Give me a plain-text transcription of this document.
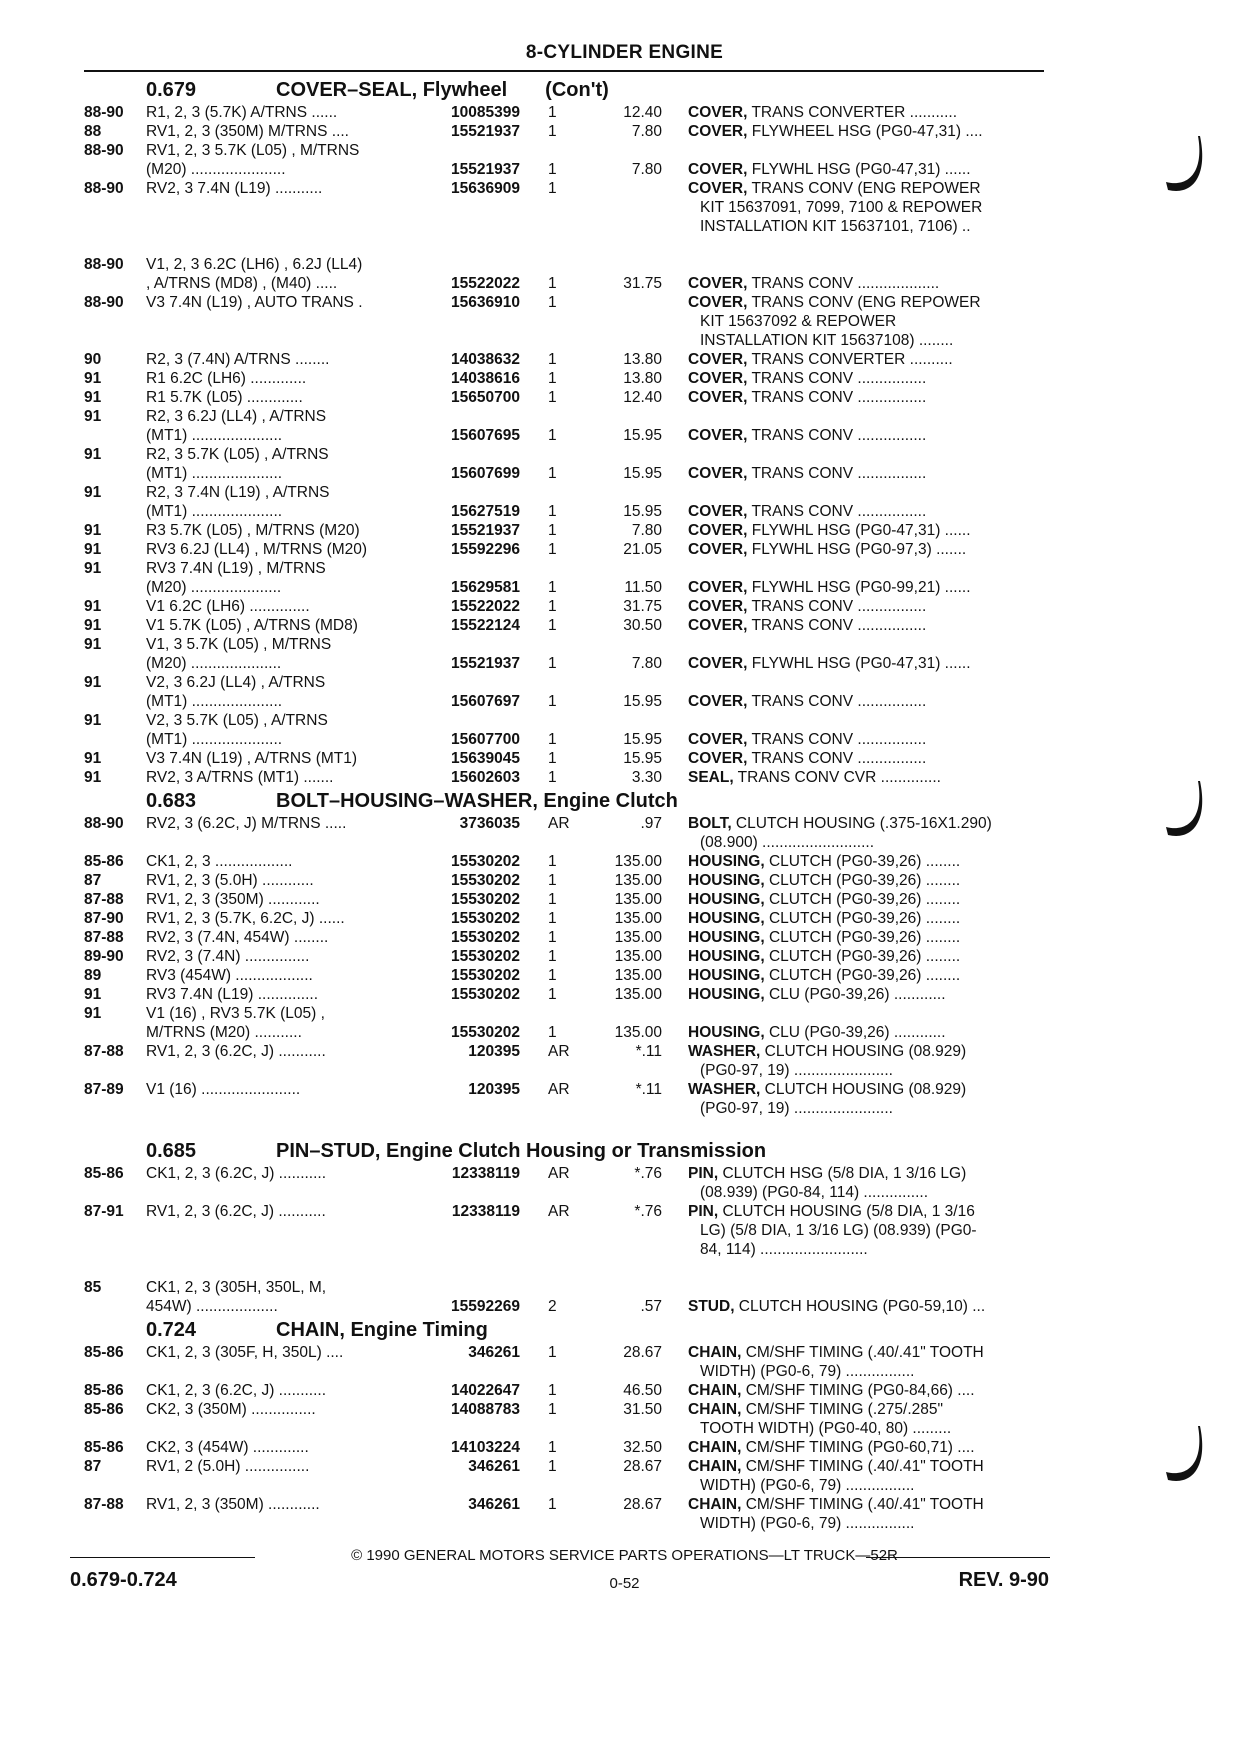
8-CYLINDER ENGINE
0.679	COVER–SEAL, Flywheel (Con't)
88-90	R1, 2, 3 (5.7K) A/TRNS ......	10085399	1	12.40	COVER, TRANS CONVERTER ...........
88	RV1, 2, 3 (350M) M/TRNS ....	15521937	1	7.80	COVER, FLYWHEEL HSG (PG0-47,31) ....
88-90	RV1, 2, 3 5.7K (L05) , M/TRNS
(M20) ......................	15521937	1	7.80	COVER, FLYWHL HSG (PG0-47,31) ......
88-90	RV2, 3 7.4N (L19) ...........	15636909	1	COVER, TRANS CONV (ENG REPOWER
KIT 15637091, 7099, 7100 & REPOWER
INSTALLATION KIT 15637101, 7106) ..
88-90	V1, 2, 3 6.2C (LH6) , 6.2J (LL4)
, A/TRNS (MD8) , (M40) .....	15522022	1	31.75	COVER, TRANS CONV ...................
88-90	V3 7.4N (L19) , AUTO TRANS .	15636910	1	COVER, TRANS CONV (ENG REPOWER
KIT 15637092 & REPOWER
INSTALLATION KIT 15637108) ........
90	R2, 3 (7.4N) A/TRNS ........	14038632	1	13.80	COVER, TRANS CONVERTER ..........
91	R1 6.2C (LH6) .............	14038616	1	13.80	COVER, TRANS CONV ................
91	R1 5.7K (L05) .............	15650700	1	12.40	COVER, TRANS CONV ................
91	R2, 3 6.2J (LL4) , A/TRNS
(MT1) .....................	15607695	1	15.95	COVER, TRANS CONV ................
91	R2, 3 5.7K (L05) , A/TRNS
(MT1) .....................	15607699	1	15.95	COVER, TRANS CONV ................
91	R2, 3 7.4N (L19) , A/TRNS
(MT1) .....................	15627519	1	15.95	COVER, TRANS CONV ................
91	R3 5.7K (L05) , M/TRNS (M20)	15521937	1	7.80	COVER, FLYWHL HSG (PG0-47,31) ......
91	RV3 6.2J (LL4) , M/TRNS (M20)	15592296	1	21.05	COVER, FLYWHL HSG (PG0-97,3) .......
91	RV3 7.4N (L19) , M/TRNS
(M20) .....................	15629581	1	11.50	COVER, FLYWHL HSG (PG0-99,21) ......
91	V1 6.2C (LH6) ..............	15522022	1	31.75	COVER, TRANS CONV ................
91	V1 5.7K (L05) , A/TRNS (MD8)	15522124	1	30.50	COVER, TRANS CONV ................
91	V1, 3 5.7K (L05) , M/TRNS
(M20) .....................	15521937	1	7.80	COVER, FLYWHL HSG (PG0-47,31) ......
91	V2, 3 6.2J (LL4) , A/TRNS
(MT1) .....................	15607697	1	15.95	COVER, TRANS CONV ................
91	V2, 3 5.7K (L05) , A/TRNS
(MT1) .....................	15607700	1	15.95	COVER, TRANS CONV ................
91	V3 7.4N (L19) , A/TRNS (MT1)	15639045	1	15.95	COVER, TRANS CONV ................
91	RV2, 3 A/TRNS (MT1) .......	15602603	1	3.30	SEAL, TRANS CONV CVR ..............
0.683	BOLT–HOUSING–WASHER, Engine Clutch
88-90	RV2, 3 (6.2C, J) M/TRNS .....	3736035	AR	.97	BOLT, CLUTCH HOUSING (.375-16X1.290)
(08.900) ..........................
85-86	CK1, 2, 3 ..................	15530202	1	135.00	HOUSING, CLUTCH (PG0-39,26) ........
87	RV1, 2, 3 (5.0H) ............	15530202	1	135.00	HOUSING, CLUTCH (PG0-39,26) ........
87-88	RV1, 2, 3 (350M) ............	15530202	1	135.00	HOUSING, CLUTCH (PG0-39,26) ........
87-90	RV1, 2, 3 (5.7K, 6.2C, J) ......	15530202	1	135.00	HOUSING, CLUTCH (PG0-39,26) ........
87-88	RV2, 3 (7.4N, 454W) ........	15530202	1	135.00	HOUSING, CLUTCH (PG0-39,26) ........
89-90	RV2, 3 (7.4N) ...............	15530202	1	135.00	HOUSING, CLUTCH (PG0-39,26) ........
89	RV3 (454W) ..................	15530202	1	135.00	HOUSING, CLUTCH (PG0-39,26) ........
91	RV3 7.4N (L19) ..............	15530202	1	135.00	HOUSING, CLU (PG0-39,26) ............
91	V1 (16) , RV3 5.7K (L05) ,
M/TRNS (M20) ...........	15530202	1	135.00	HOUSING, CLU (PG0-39,26) ............
87-88	RV1, 2, 3 (6.2C, J) ...........	120395	AR	*.11	WASHER, CLUTCH HOUSING (08.929)
(PG0-97, 19) .......................
87-89	V1 (16) .......................	120395	AR	*.11	WASHER, CLUTCH HOUSING (08.929)
(PG0-97, 19) .......................
0.685	PIN–STUD, Engine Clutch Housing or Transmission
85-86	CK1, 2, 3 (6.2C, J) ...........	12338119	AR	*.76	PIN, CLUTCH HSG (5/8 DIA, 1 3/16 LG)
(08.939) (PG0-84, 114) ...............
87-91	RV1, 2, 3 (6.2C, J) ...........	12338119	AR	*.76	PIN, CLUTCH HOUSING (5/8 DIA, 1 3/16
LG) (5/8 DIA, 1 3/16 LG) (08.939) (PG0-
84, 114) .........................
85	CK1, 2, 3 (305H, 350L, M,
454W) ...................	15592269	2	.57	STUD, CLUTCH HOUSING (PG0-59,10) ...
0.724	CHAIN, Engine Timing
85-86	CK1, 2, 3 (305F, H, 350L) ....	346261	1	28.67	CHAIN, CM/SHF TIMING (.40/.41" TOOTH
WIDTH) (PG0-6, 79) ................
85-86	CK1, 2, 3 (6.2C, J) ...........	14022647	1	46.50	CHAIN, CM/SHF TIMING (PG0-84,66) ....
85-86	CK2, 3 (350M) ...............	14088783	1	31.50	CHAIN, CM/SHF TIMING (.275/.285"
TOOTH WIDTH) (PG0-40, 80) .........
85-86	CK2, 3 (454W) .............	14103224	1	32.50	CHAIN, CM/SHF TIMING (PG0-60,71) ....
87	RV1, 2 (5.0H) ...............	346261	1	28.67	CHAIN, CM/SHF TIMING (.40/.41" TOOTH
WIDTH) (PG0-6, 79) ................
87-88	RV1, 2, 3 (350M) ............	346261	1	28.67	CHAIN, CM/SHF TIMING (.40/.41" TOOTH
WIDTH) (PG0-6, 79) ................
© 1990 GENERAL MOTORS SERVICE PARTS OPERATIONS—LT TRUCK—52R
0.679-0.724	0-52	REV. 9-90
